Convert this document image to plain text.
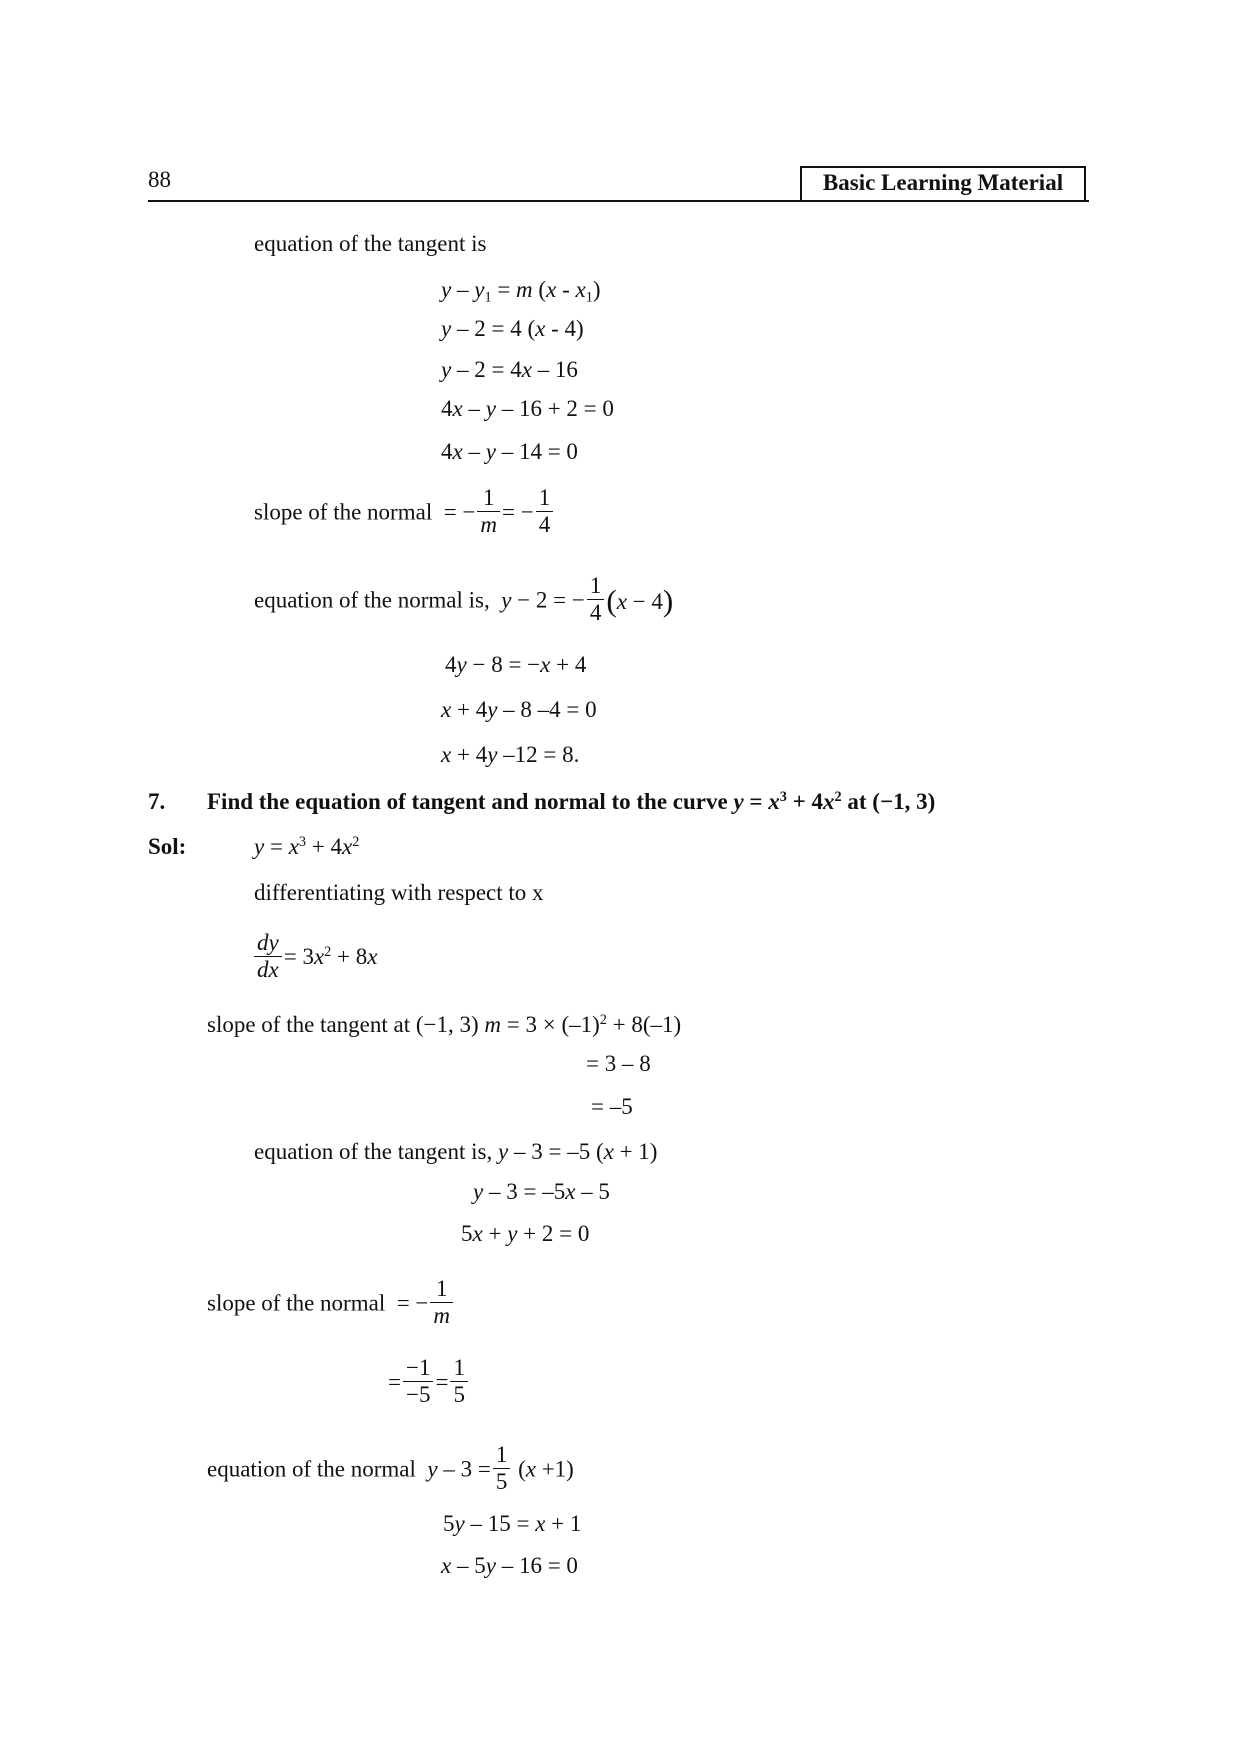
88	Basic Learning Material
equation of the tangent is
$y - y_1 = m$ $(x - x_1)$
y – 2 = 4 (x - 4)
y – 2 = 4x – 16
4x – y – 16 + 2 = 0
4x – y – 14 = 0
slope of the normal  = − $\frac{1}{m}$ = − $\frac{1}{4}$
equation of the normal is, y − 2 = − $\frac{1}{4} (x - 4)$
4y − 8 = −x + 4
x + 4y – 8 –4 = 0
x + 4y –12 = 8.
7. Find the equation of tangent and normal to the curve $y = x^3 + 4x^2$ at (−1, 3)
Sol:	$y = x^3 + 4x^2$
differentiating with respect to x
$\frac{dy}{dx} = 3x^2 + 8x$
slope of the tangent at (−1, 3) $m = 3 \times (-1)^2 + 8(-1)$
= 3 – 8
= –5
equation of the tangent is, y – 3 = –5 (x + 1)
y – 3 = –5x – 5
5x + y + 2 = 0
slope of the normal  = − $\frac{1}{m}$
= $\frac{-1}{-5} = \frac{1}{5}$
equation of the normal $y - 3 = \frac{1}{5} (x +1)$
5y – 15 = x + 1
x – 5y – 16 = 0
